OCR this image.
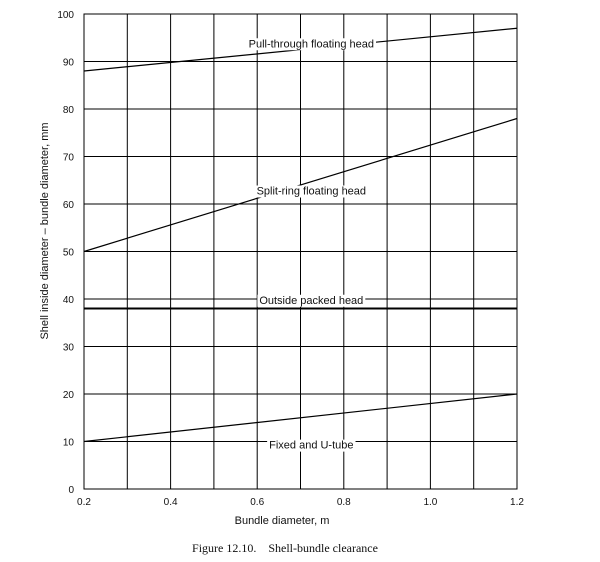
Pull-through floating head
Split-ring floating head
Outside packed head
Fixed and U-tube
0.2	0.4	0.6	0.8	1.0	1.2
0
10
20
30
40
50
60
70
80
90
100
Bundle diameter, m
Shell inside diameter – bundle diameter, mm
Figure 12.10. Shell-bundle clearance
